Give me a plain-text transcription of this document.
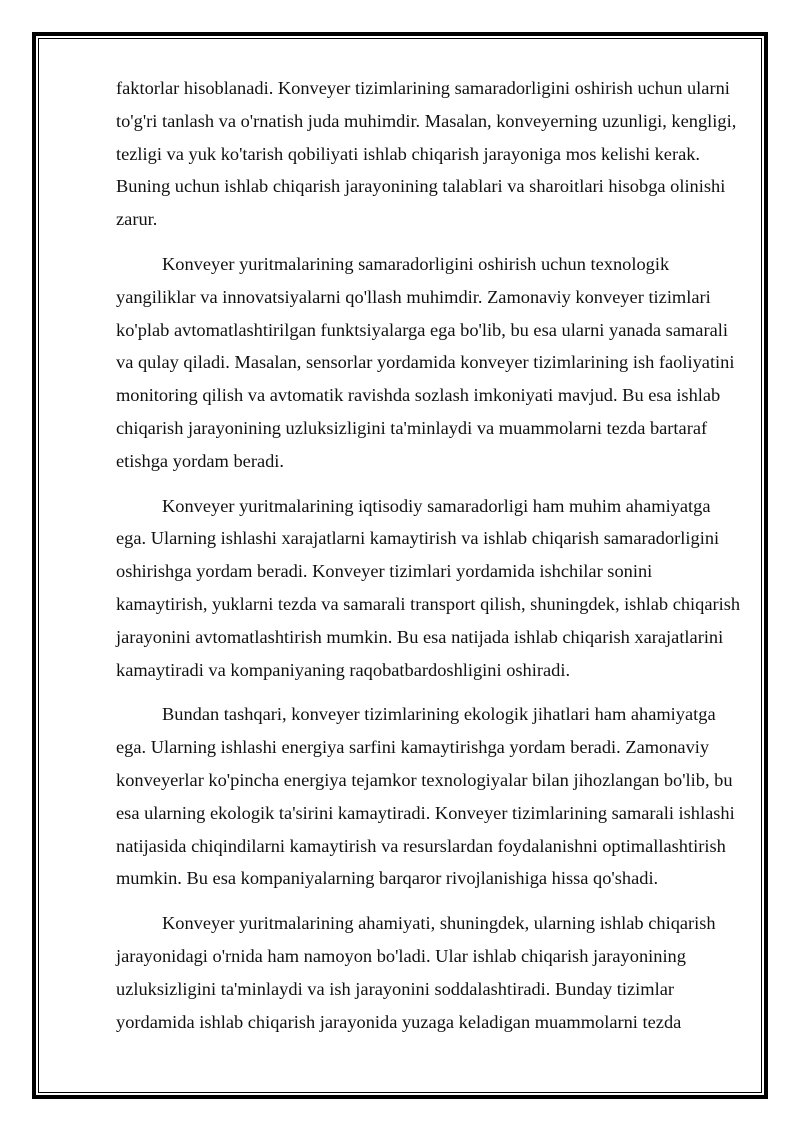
faktorlar hisoblanadi. Konveyer tizimlarining samaradorligini oshirish uchun ularni to'g'ri tanlash va o'rnatish juda muhimdir. Masalan, konveyerning uzunligi, kengligi, tezligi va yuk ko'tarish qobiliyati ishlab chiqarish jarayoniga mos kelishi kerak. Buning uchun ishlab chiqarish jarayonining talablari va sharoitlari hisobga olinishi zarur.

Konveyer yuritmalarining samaradorligini oshirish uchun texnologik yangiliklar va innovatsiyalarni qo'llash muhimdir. Zamonaviy konveyer tizimlari ko'plab avtomatlashtirilgan funktsiyalarga ega bo'lib, bu esa ularni yanada samarali va qulay qiladi. Masalan, sensorlar yordamida konveyer tizimlarining ish faoliyatini monitoring qilish va avtomatik ravishda sozlash imkoniyati mavjud. Bu esa ishlab chiqarish jarayonining uzluksizligini ta'minlaydi va muammolarni tezda bartaraf etishga yordam beradi.

Konveyer yuritmalarining iqtisodiy samaradorligi ham muhim ahamiyatga ega. Ularning ishlashi xarajatlarni kamaytirish va ishlab chiqarish samaradorligini oshirishga yordam beradi. Konveyer tizimlari yordamida ishchilar sonini kamaytirish, yuklarni tezda va samarali transport qilish, shuningdek, ishlab chiqarish jarayonini avtomatlashtirish mumkin. Bu esa natijada ishlab chiqarish xarajatlarini kamaytiradi va kompaniyaning raqobatbardoshligini oshiradi.

Bundan tashqari, konveyer tizimlarining ekologik jihatlari ham ahamiyatga ega. Ularning ishlashi energiya sarfini kamaytirishga yordam beradi. Zamonaviy konveyerlar ko'pincha energiya tejamkor texnologiyalar bilan jihozlangan bo'lib, bu esa ularning ekologik ta'sirini kamaytiradi. Konveyer tizimlarining samarali ishlashi natijasida chiqindilarni kamaytirish va resurslardan foydalanishni optimallashtirish mumkin. Bu esa kompaniyalarning barqaror rivojlanishiga hissa qo'shadi.

Konveyer yuritmalarining ahamiyati, shuningdek, ularning ishlab chiqarish jarayonidagi o'rnida ham namoyon bo'ladi. Ular ishlab chiqarish jarayonining uzluksizligini ta'minlaydi va ish jarayonini soddalashtiradi. Bunday tizimlar yordamida ishlab chiqarish jarayonida yuzaga keladigan muammolarni tezda
